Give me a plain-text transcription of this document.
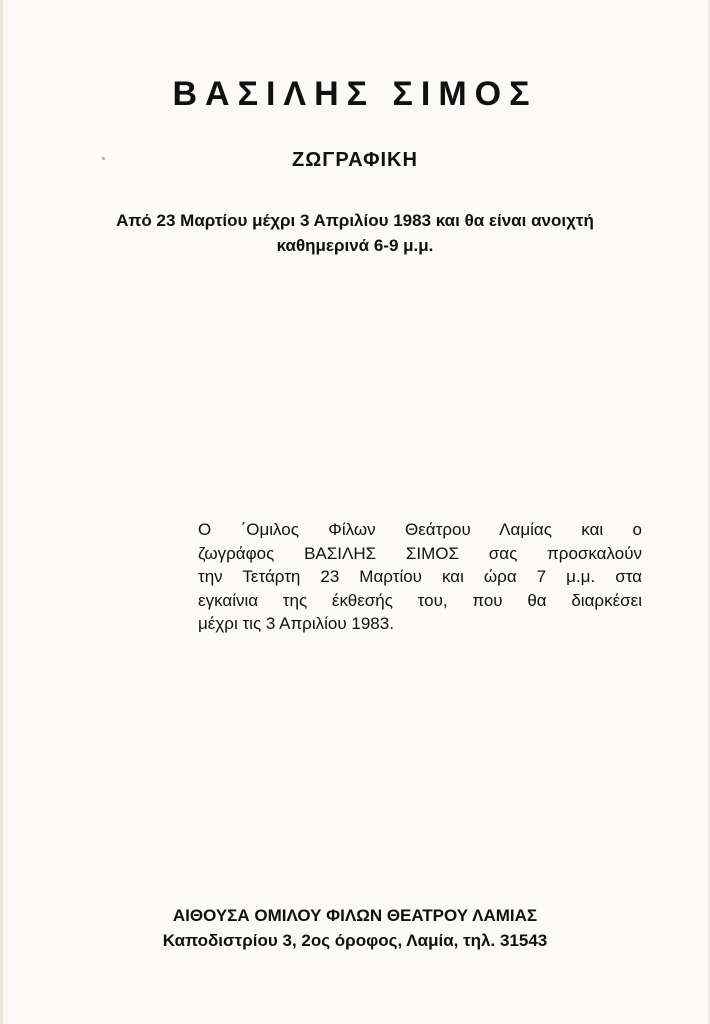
ΒΑΣΙΛΗΣ ΣΙΜΟΣ
ΖΩΓΡΑΦΙΚΗ
Από 23 Μαρτίου μέχρι 3 Απριλίου 1983 και θα είναι ανοιχτή
καθημερινά 6-9 μ.μ.
Ο ΄Ομιλος Φίλων Θεάτρου Λαμίας και ο
ζωγράφος ΒΑΣΙΛΗΣ ΣΙΜΟΣ σας προσκαλούν
την Τετάρτη 23 Μαρτίου και ώρα 7 μ.μ. στα
εγκαίνια της έκθεσής του, που θα διαρκέσει
μέχρι τις 3 Απριλίου 1983.
ΑΙΘΟΥΣΑ ΟΜΙΛΟΥ ΦΙΛΩΝ ΘΕΑΤΡΟΥ ΛΑΜΙΑΣ
Καποδιστρίου 3, 2ος όροφος, Λαμία, τηλ. 31543
